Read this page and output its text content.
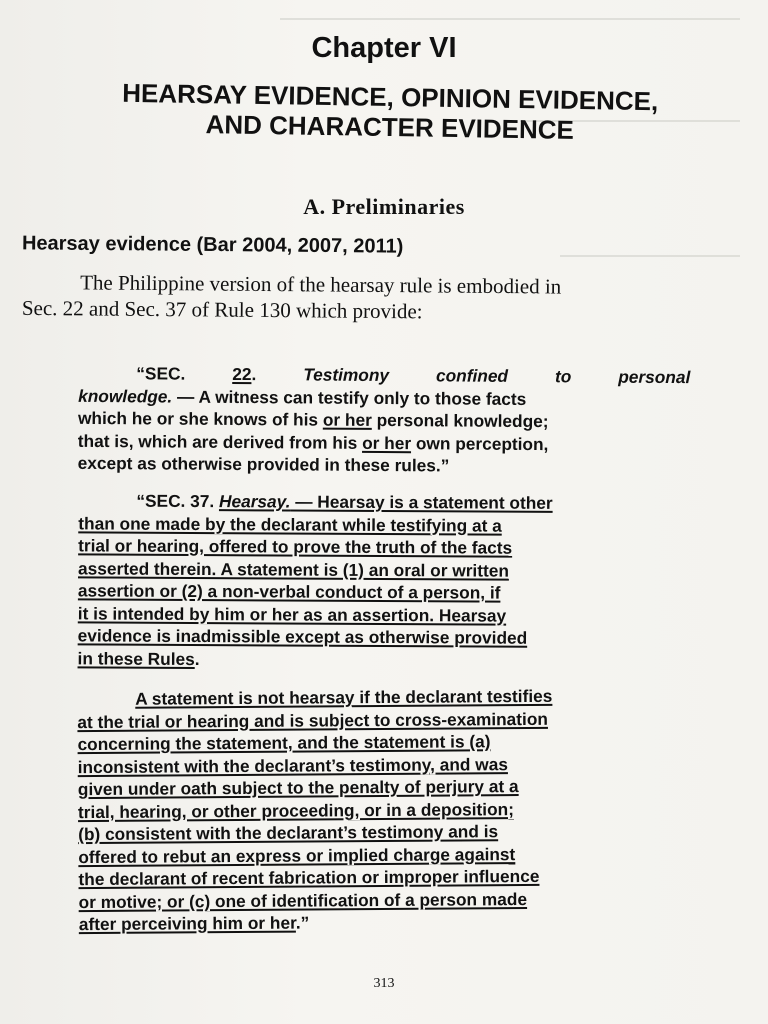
Chapter VI
HEARSAY EVIDENCE, OPINION EVIDENCE,
AND CHARACTER EVIDENCE
A. Preliminaries
Hearsay evidence (Bar 2004, 2007, 2011)
The Philippine version of the hearsay rule is embodied in
Sec. 22 and Sec. 37 of Rule 130 which provide:
“SEC.	22.	Testimony confined to personal
knowledge. — A witness can testify only to those facts
which he or she knows of his or her personal knowledge;
that is, which are derived from his or her own perception,
except as otherwise provided in these rules.”
“SEC. 37. Hearsay. — Hearsay is a statement other
than one made by the declarant while testifying at a
trial or hearing, offered to prove the truth of the facts
asserted therein. A statement is (1) an oral or written
assertion or (2) a non-verbal conduct of a person, if
it is intended by him or her as an assertion. Hearsay
evidence is inadmissible except as otherwise provided
in these Rules.
A statement is not hearsay if the declarant testifies
at the trial or hearing and is subject to cross-examination
concerning the statement, and the statement is (a)
inconsistent with the declarant’s testimony, and was
given under oath subject to the penalty of perjury at a
trial, hearing, or other proceeding, or in a deposition;
(b) consistent with the declarant’s testimony and is
offered to rebut an express or implied charge against
the declarant of recent fabrication or improper influence
or motive; or (c) one of identification of a person made
after perceiving him or her.”
313
